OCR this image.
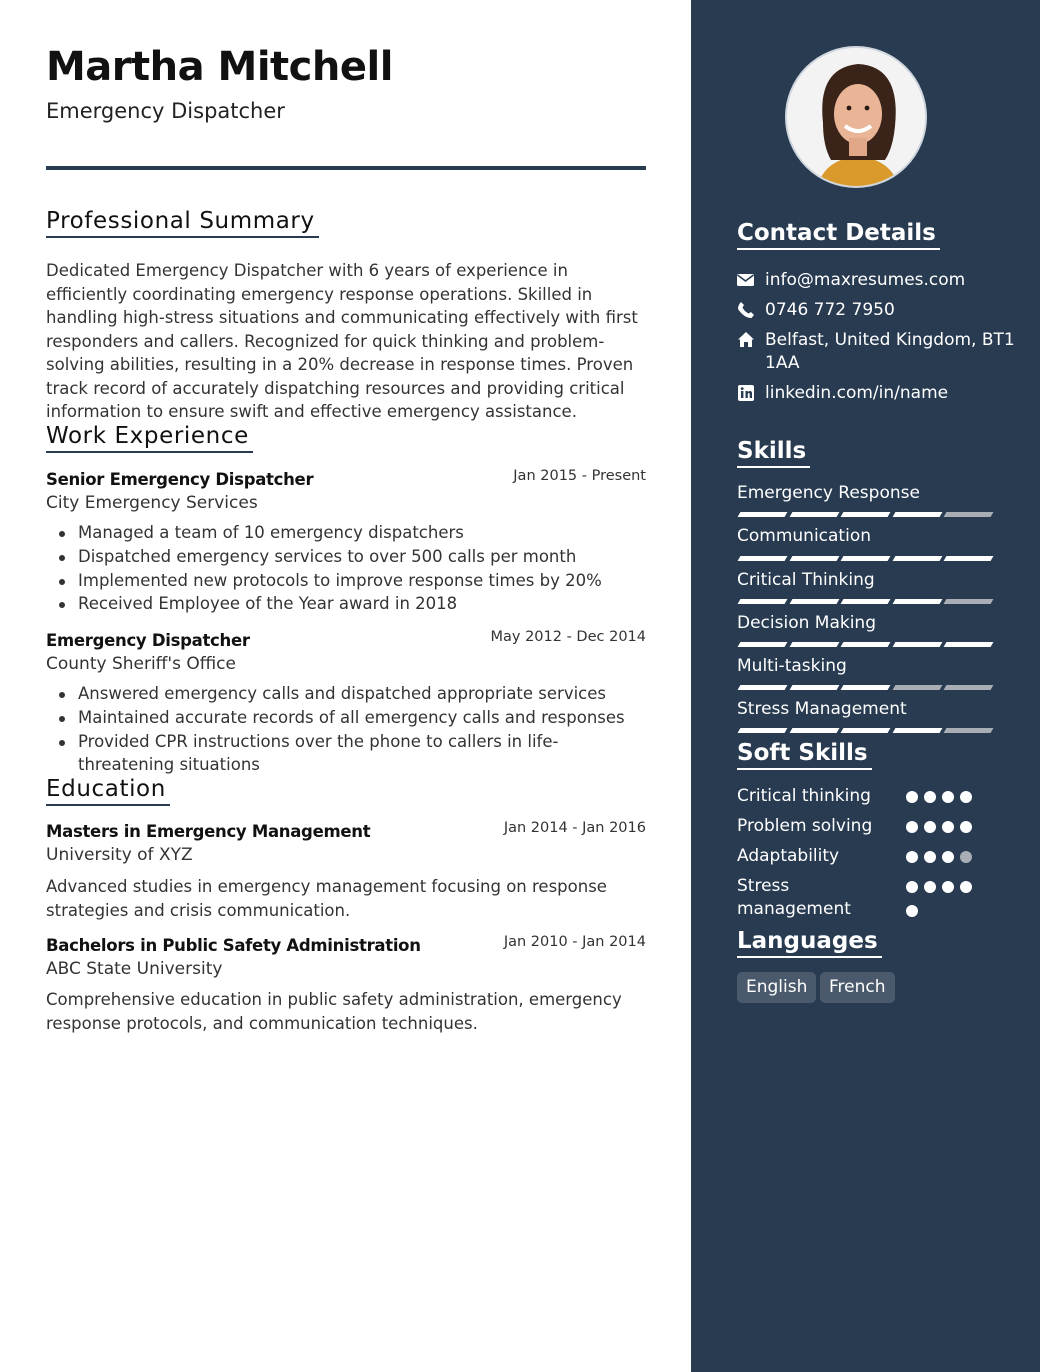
Martha Mitchell
Emergency Dispatcher
Professional Summary
Dedicated Emergency Dispatcher with 6 years of experience in efficiently coordinating emergency response operations. Skilled in handling high-stress situations and communicating effectively with first responders and callers. Recognized for quick thinking and problem-solving abilities, resulting in a 20% decrease in response times. Proven track record of accurately dispatching resources and providing critical information to ensure swift and effective emergency assistance.
Work Experience
Senior Emergency Dispatcher	Jan 2015 - Present
City Emergency Services
Managed a team of 10 emergency dispatchers
Dispatched emergency services to over 500 calls per month
Implemented new protocols to improve response times by 20%
Received Employee of the Year award in 2018
Emergency Dispatcher	May 2012 - Dec 2014
County Sheriff's Office
Answered emergency calls and dispatched appropriate services
Maintained accurate records of all emergency calls and responses
Provided CPR instructions over the phone to callers in life-threatening situations
Education
Masters in Emergency Management	Jan 2014 - Jan 2016
University of XYZ
Advanced studies in emergency management focusing on response strategies and crisis communication.
Bachelors in Public Safety Administration	Jan 2010 - Jan 2014
ABC State University
Comprehensive education in public safety administration, emergency response protocols, and communication techniques.
Contact Details
info@maxresumes.com
0746 772 7950
Belfast, United Kingdom, BT1 1AA
linkedin.com/in/name
Skills
Emergency Response
Communication
Critical Thinking
Decision Making
Multi-tasking
Stress Management
Soft Skills
Critical thinking
Problem solving
Adaptability
Stress management
Languages
English	French
